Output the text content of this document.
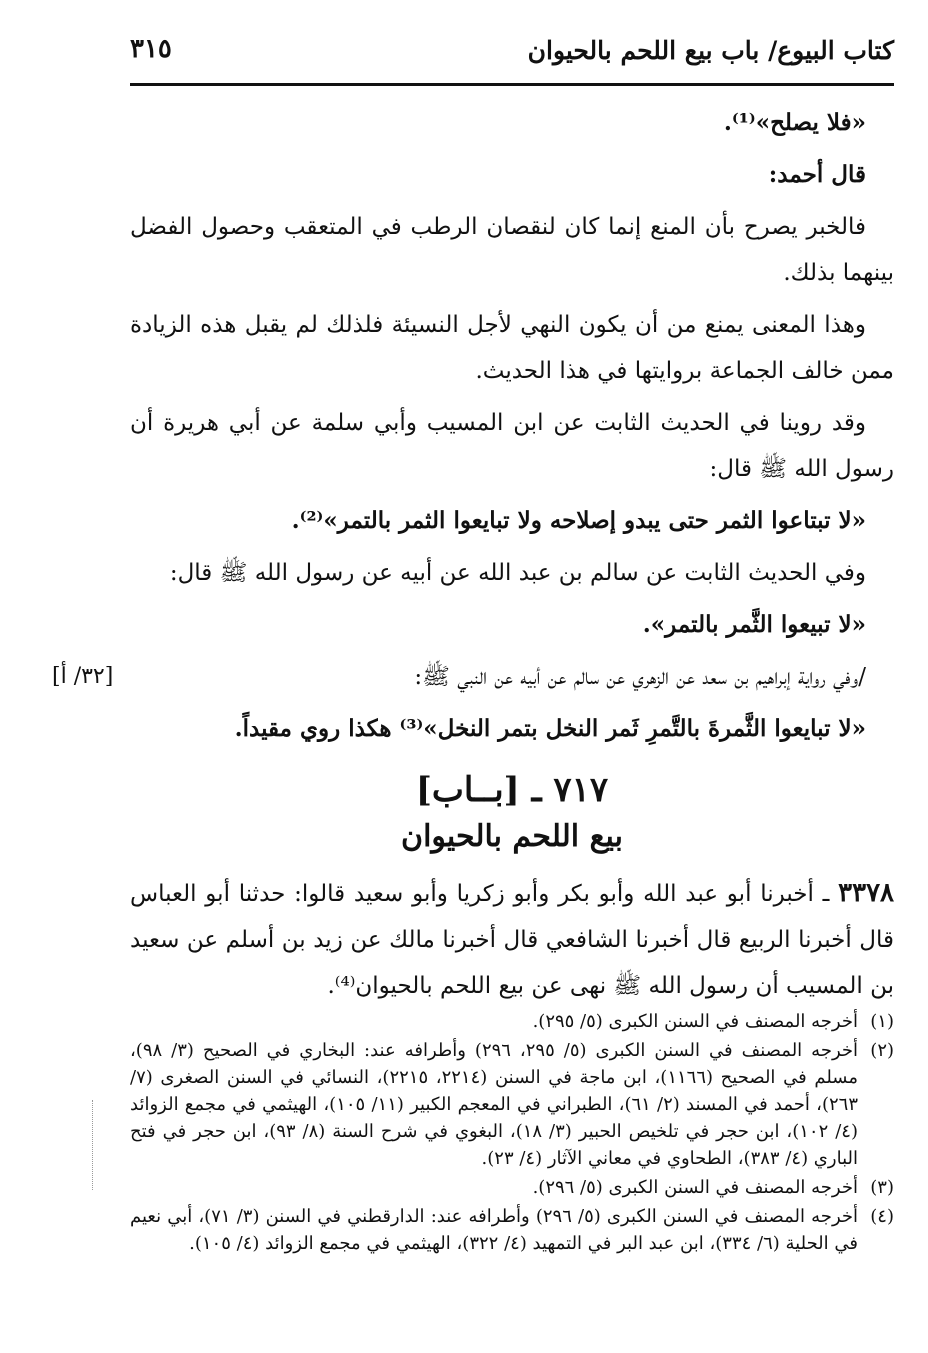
كتاب البيوع/ باب بيع اللحم بالحيوان
٣١٥

«فلا يصلح»⁽¹⁾.

قال أحمد:

فالخبر يصرح بأن المنع إنما كان لنقصان الرطب في المتعقب وحصول الفضل بينهما بذلك.

وهذا المعنى يمنع من أن يكون النهي لأجل النسيئة فلذلك لم يقبل هذه الزيادة ممن خالف الجماعة بروايتها في هذا الحديث.

وقد روينا في الحديث الثابت عن ابن المسيب وأبي سلمة عن أبي هريرة أن رسول الله ﷺ قال:

«لا تبتاعوا الثمر حتى يبدو إصلاحه ولا تبايعوا الثمر بالتمر»⁽²⁾.

وفي الحديث الثابت عن سالم بن عبد الله عن أبيه عن رسول الله ﷺ قال:

«لا تبيعوا الثَّمر بالتمر».

/وفي رواية إبراهيم بن سعد عن الزهري عن سالم عن أبيه عن النبي ﷺ:

[٣٢/ أ]

«لا تبايعوا الثَّمرةَ بالتَّمرِ ثَمر النخل بتمر النخل»⁽³⁾ هكذا روي مقيداً.

٧١٧ ـ [بــاب]
بيع اللحم بالحيوان

٣٣٧٨ ـ أخبرنا أبو عبد الله وأبو بكر وأبو زكريا وأبو سعيد قالوا: حدثنا أبو العباس قال أخبرنا الربيع قال أخبرنا الشافعي قال أخبرنا مالك عن زيد بن أسلم عن سعيد بن المسيب أن رسول الله ﷺ نهى عن بيع اللحم بالحيوان⁽⁴⁾.

(١)أخرجه المصنف في السنن الكبرى (٥/ ٢٩٥).

(٢)أخرجه المصنف في السنن الكبرى (٥/ ٢٩٥، ٢٩٦) وأطرافه عند: البخاري في الصحيح (٣/ ٩٨)، مسلم في الصحيح (١١٦٦)، ابن ماجة في السنن (٢٢١٤، ٢٢١٥)، النسائي في السنن الصغرى (٧/ ٢٦٣)، أحمد في المسند (٢/ ٦١)، الطبراني في المعجم الكبير (١١/ ١٠٥)، الهيثمي في مجمع الزوائد (٤/ ١٠٢)، ابن حجر في تلخيص الحبير (٣/ ١٨)، البغوي في شرح السنة (٨/ ٩٣)، ابن حجر في فتح الباري (٤/ ٣٨٣)، الطحاوي في معاني الآثار (٤/ ٢٣).

(٣)أخرجه المصنف في السنن الكبرى (٥/ ٢٩٦).

(٤)أخرجه المصنف في السنن الكبرى (٥/ ٢٩٦) وأطرافه عند: الدارقطني في السنن (٣/ ٧١)، أبي نعيم في الحلية (٦/ ٣٣٤)، ابن عبد البر في التمهيد (٤/ ٣٢٢)، الهيثمي في مجمع الزوائد (٤/ ١٠٥).
